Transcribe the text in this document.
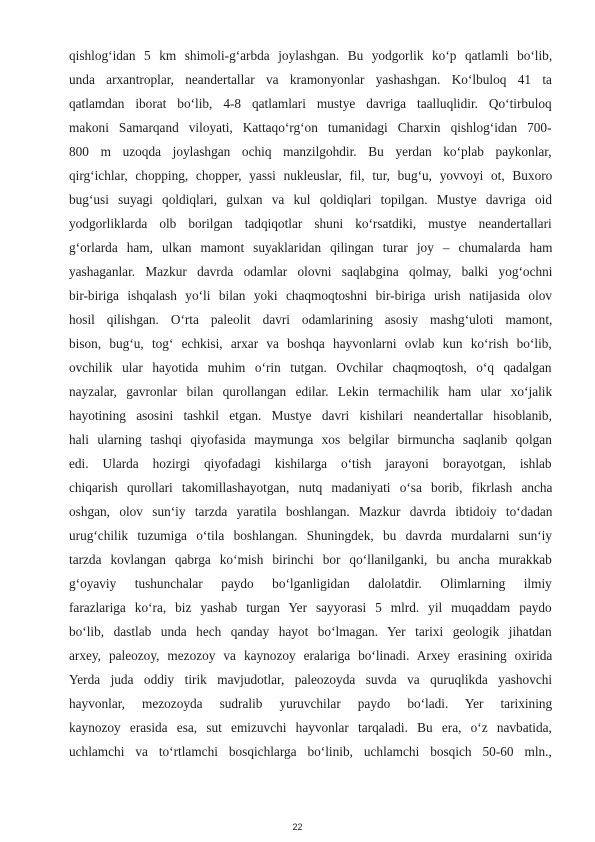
qishlog‘idan 5 km shimoli-g‘arbda joylashgan. Bu yodgorlik ko‘p qatlamli bo‘lib,
unda arxantroplar, neandertallar va kramonyonlar yashashgan. Ko‘lbuloq 41 ta
qatlamdan iborat bo‘lib, 4-8 qatlamlari mustye davriga taalluqlidir. Qo‘tirbuloq
makoni Samarqand viloyati, Kattaqo‘rg‘on tumanidagi Charxin qishlog‘idan 700-
800 m uzoqda joylashgan ochiq manzilgohdir. Bu yerdan ko‘plab paykonlar,
qirg‘ichlar, chopping, chopper, yassi nukleuslar, fil, tur, bug‘u, yovvoyi ot, Buxoro
bug‘usi suyagi qoldiqlari, gulxan va kul qoldiqlari topilgan. Mustye davriga oid
yodgorliklarda olb borilgan tadqiqotlar shuni ko‘rsatdiki, mustye neandertallari
g‘orlarda ham, ulkan mamont suyaklaridan qilingan turar joy – chumalarda ham
yashaganlar. Mazkur davrda odamlar olovni saqlabgina qolmay, balki yog‘ochni
bir-biriga ishqalash yo‘li bilan yoki chaqmoqtoshni bir-biriga urish natijasida olov
hosil qilishgan. O‘rta paleolit davri odamlarining asosiy mashg‘uloti mamont,
bison, bug‘u, tog‘ echkisi, arxar va boshqa hayvonlarni ovlab kun ko‘rish bo‘lib,
ovchilik ular hayotida muhim o‘rin tutgan. Ovchilar chaqmoqtosh, o‘q qadalgan
nayzalar, gavronlar bilan qurollangan edilar. Lekin termachilik ham ular xo‘jalik
hayotining asosini tashkil etgan. Mustye davri kishilari neandertallar hisoblanib,
hali ularning tashqi qiyofasida maymunga xos belgilar birmuncha saqlanib qolgan
edi. Ularda hozirgi qiyofadagi kishilarga o‘tish jarayoni borayotgan, ishlab
chiqarish qurollari takomillashayotgan, nutq madaniyati o‘sa borib, fikrlash ancha
oshgan, olov sun‘iy tarzda yaratila boshlangan. Mazkur davrda ibtidoiy to‘dadan
urug‘chilik tuzumiga o‘tila boshlangan. Shuningdek, bu davrda murdalarni sun‘iy
tarzda kovlangan qabrga ko‘mish birinchi bor qo‘llanilganki, bu ancha murakkab
g‘oyaviy tushunchalar paydo bo‘lganligidan dalolatdir. Olimlarning ilmiy
farazlariga ko‘ra, biz yashab turgan Yer sayyorasi 5 mlrd. yil muqaddam paydo
bo‘lib, dastlab unda hech qanday hayot bo‘lmagan. Yer tarixi geologik jihatdan
arxey, paleozoy, mezozoy va kaynozoy eralariga bo‘linadi. Arxey erasining oxirida
Yerda juda oddiy tirik mavjudotlar, paleozoyda suvda va quruqlikda yashovchi
hayvonlar, mezozoyda sudralib yuruvchilar paydo bo‘ladi. Yer tarixining
kaynozoy erasida esa, sut emizuvchi hayvonlar tarqaladi. Bu era, o‘z navbatida,
uchlamchi va to‘rtlamchi bosqichlarga bo‘linib, uchlamchi bosqich 50-60 mln.,
22
